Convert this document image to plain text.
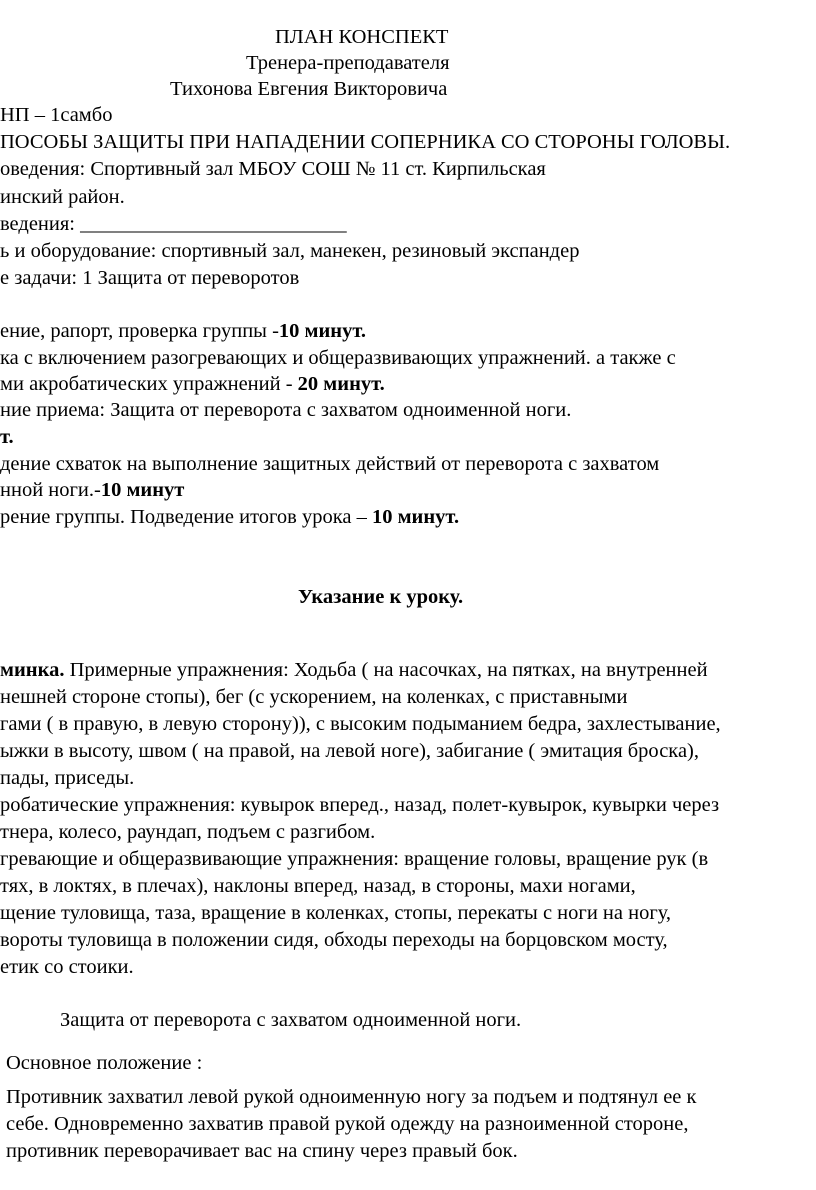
ПЛАН КОНСПЕКТ
Тренера-преподавателя
Тихонова Евгения Викторовича
НП – 1самбо
ПОСОБЫ ЗАЩИТЫ ПРИ НАПАДЕНИИ СОПЕРНИКА СО СТОРОНЫ ГОЛОВЫ.
оведения: Спортивный зал МБОУ СОШ № 11 ст. Кирпильская
инский район.
ведения: __________________________
ь и оборудование: спортивный зал, манекен, резиновый экспандер
е задачи: 1 Защита от переворотов
ение, рапорт, проверка группы -10 минут.
ка с включением разогревающих и общеразвивающих упражнений. а также с
ми акробатических упражнений - 20 минут.
ние приема: Защита от переворота с захватом одноименной ноги.
т.
дение схваток на выполнение защитных действий от переворота с захватом
нной ноги.-10 минут
рение группы. Подведение итогов урока – 10 минут.
Указание к уроку.
минка. Примерные упражнения: Ходьба ( на насочках, на пятках, на внутренней
нешней стороне стопы), бег (с ускорением, на коленках, с приставными
гами ( в правую, в левую сторону)), с высоким подыманием бедра, захлестывание,
ыжки в высоту, швом ( на правой, на левой ноге), забигание ( эмитация броска),
пады, приседы.
робатические упражнения: кувырок вперед., назад, полет-кувырок, кувырки через
тнера, колесо, раундап, подъем с разгибом.
гревающие и общеразвивающие упражнения: вращение головы, вращение рук (в
тях, в локтях, в плечах), наклоны вперед, назад, в стороны, махи ногами,
щение туловища, таза, вращение в коленках, стопы, перекаты с ноги на ногу,
вороты туловища в положении сидя, обходы переходы на борцовском мосту,
етик со стоики.
Защита от переворота с захватом одноименной ноги.
Основное положение :
Противник захватил левой рукой одноименную ногу за подъем и подтянул ее к
себе. Одновременно захватив правой рукой одежду на разноименной стороне,
противник переворачивает вас на спину через правый бок.
